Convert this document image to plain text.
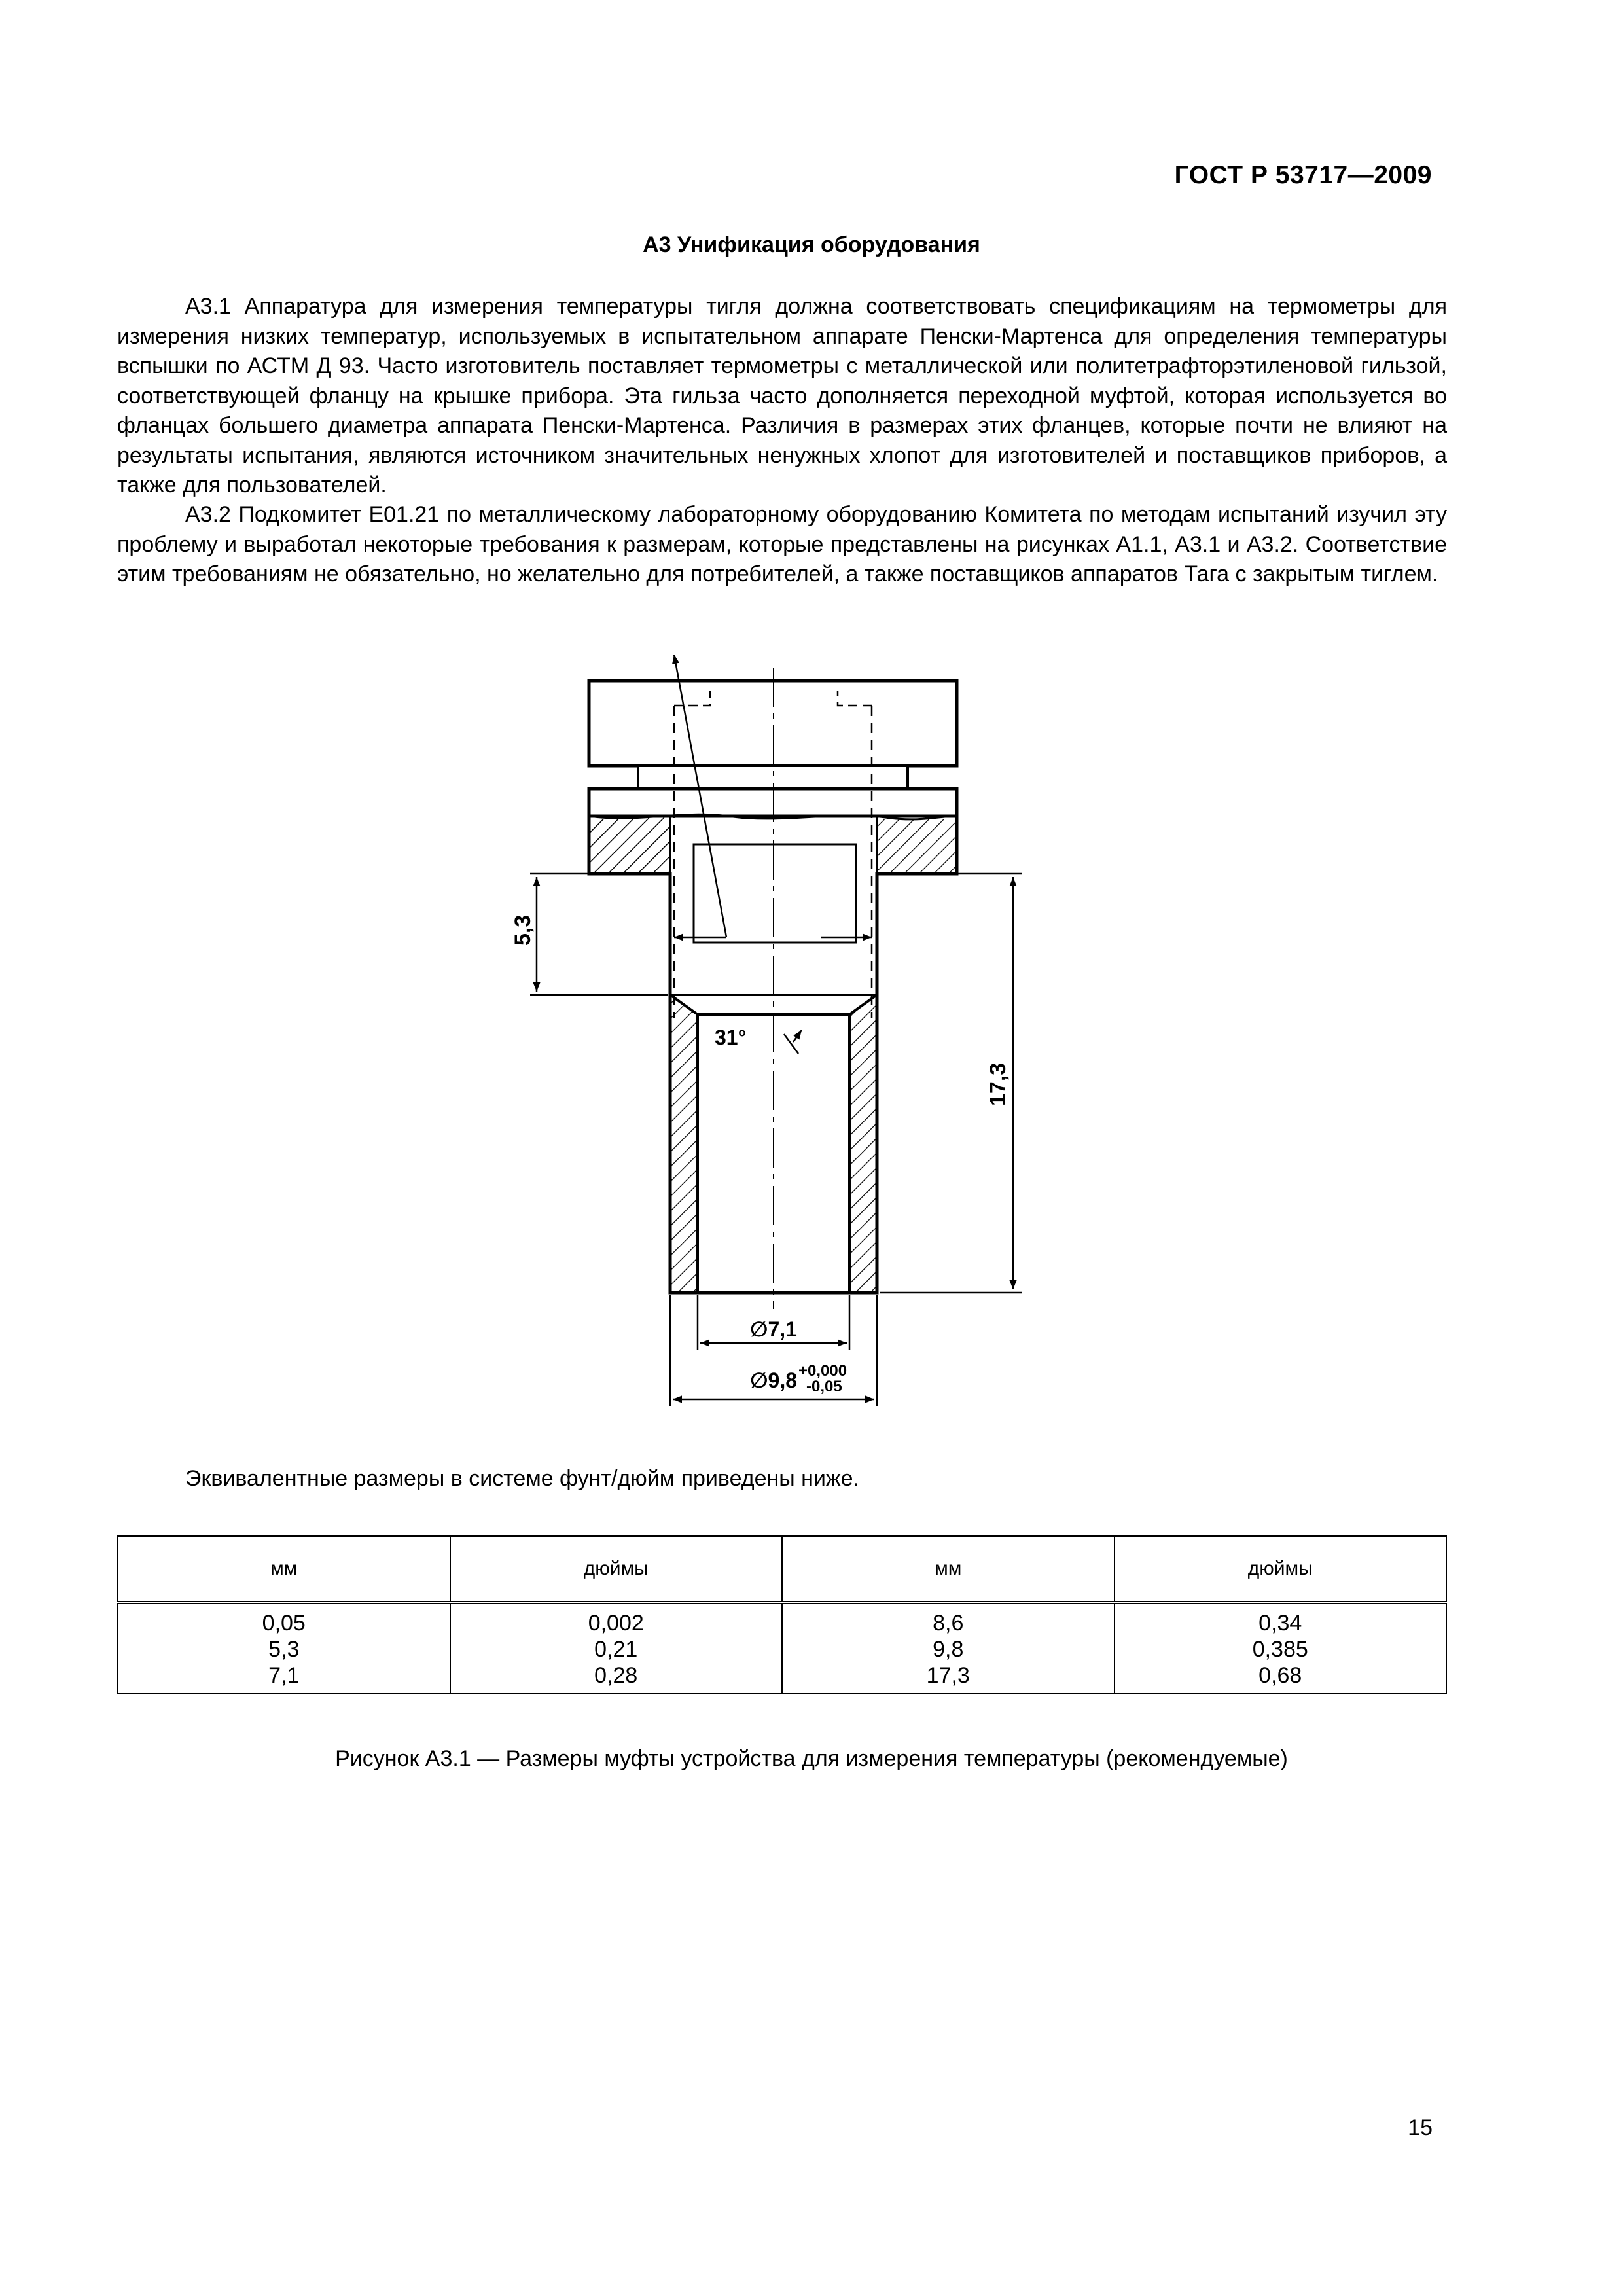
ГОСТ Р 53717—2009
А3 Унификация оборудования

А3.1 Аппаратура для измерения температуры тигля должна соответствовать спецификациям на термометры для измерения низких температур, используемых в испытательном аппарате Пенски-Мартенса для определения температуры вспышки по АСТМ Д 93. Часто изготовитель поставляет термометры с металлической или политетрафторэтиленовой гильзой, соответствующей фланцу на крышке прибора. Эта гильза часто дополняется переходной муфтой, которая используется во фланцах большего диаметра аппарата Пенски-Мартенса. Различия в размерах этих фланцев, которые почти не влияют на результаты испытания, являются источником значительных ненужных хлопот для изготовителей и поставщиков приборов, а также для пользователей.

А3.2 Подкомитет Е01.21 по металлическому лабораторному оборудованию Комитета по методам испытаний изучил эту проблему и выработал некоторые требования к размерам, которые представлены на рисунках А1.1, А3.1 и А3.2. Соответствие этим требованиям не обязательно, но желательно для потребителей, а также поставщиков аппаратов Тага с закрытым тиглем.

31°
5,3
17,3
∅7,1
∅9,8 +0,000
-0,05
Эквивалентные размеры в системе фунт/дюйм приведены ниже.
мм	дюймы	мм	дюймы

0,05
5,3
7,1	0,002
0,21
0,28	8,6
9,8
17,3	0,34
0,385
0,68
Рисунок А3.1 — Размеры муфты устройства для измерения температуры (рекомендуемые)
15
